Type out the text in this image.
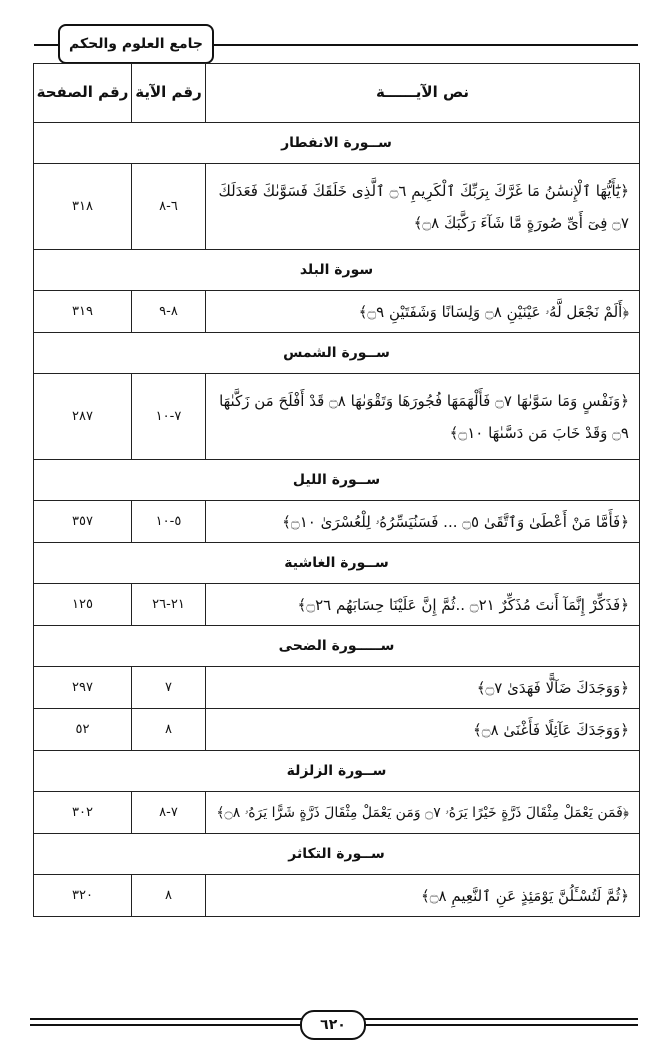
جامع العلوم والحكم
نص الآيــــــة	رقم الآية	رقم الصفحة
ســورة الانفطار		
﴿يَٰٓأَيُّهَا ٱلْإِنسَٰنُ مَا غَرَّكَ بِرَبِّكَ ٱلْكَرِيمِ ۝٦ ٱلَّذِى خَلَقَكَ فَسَوَّىٰكَ فَعَدَلَكَ ۝٧ فِىٓ أَىِّ صُورَةٍ مَّا شَآءَ رَكَّبَكَ ۝٨﴾	٦-٨	٣١٨
سورة البلد		
﴿أَلَمْ نَجْعَل لَّهُۥ عَيْنَيْنِ ۝٨ وَلِسَانًا وَشَفَتَيْنِ ۝٩﴾	٨-٩	٣١٩
ســورة الشمس		
﴿وَنَفْسٍ وَمَا سَوَّىٰهَا ۝٧ فَأَلْهَمَهَا فُجُورَهَا وَتَقْوَىٰهَا ۝٨ قَدْ أَفْلَحَ مَن زَكَّىٰهَا ۝٩ وَقَدْ خَابَ مَن دَسَّىٰهَا ۝١٠﴾	٧-١٠	٢٨٧
ســورة الليل		
﴿فَأَمَّا مَنْ أَعْطَىٰ وَٱتَّقَىٰ ۝٥ ... فَسَنُيَسِّرُهُۥ لِلْعُسْرَىٰ ۝١٠﴾	٥-١٠	٣٥٧
ســورة الغاشية		
﴿فَذَكِّرْ إِنَّمَآ أَنتَ مُذَكِّرٌ ۝٢١ ..ثُمَّ إِنَّ عَلَيْنَا حِسَابَهُم ۝٢٦﴾	٢١-٢٦	١٢٥
ســـــورة الضحى		
﴿وَوَجَدَكَ ضَآلًّا فَهَدَىٰ ۝٧﴾	٧	٢٩٧
﴿وَوَجَدَكَ عَآئِلًا فَأَغْنَىٰ ۝٨﴾	٨	٥٢
ســورة الزلزلة		
﴿فَمَن يَعْمَلْ مِثْقَالَ ذَرَّةٍ خَيْرًا يَرَهُۥ ۝٧ وَمَن يَعْمَلْ مِثْقَالَ ذَرَّةٍ شَرًّا يَرَهُۥ ۝٨﴾	٧-٨	٣٠٢
ســورة التكاثر		
﴿ثُمَّ لَتُسْـَٔلُنَّ يَوْمَئِذٍ عَنِ ٱلنَّعِيمِ ۝٨﴾	٨	٣٢٠
٦٢٠
